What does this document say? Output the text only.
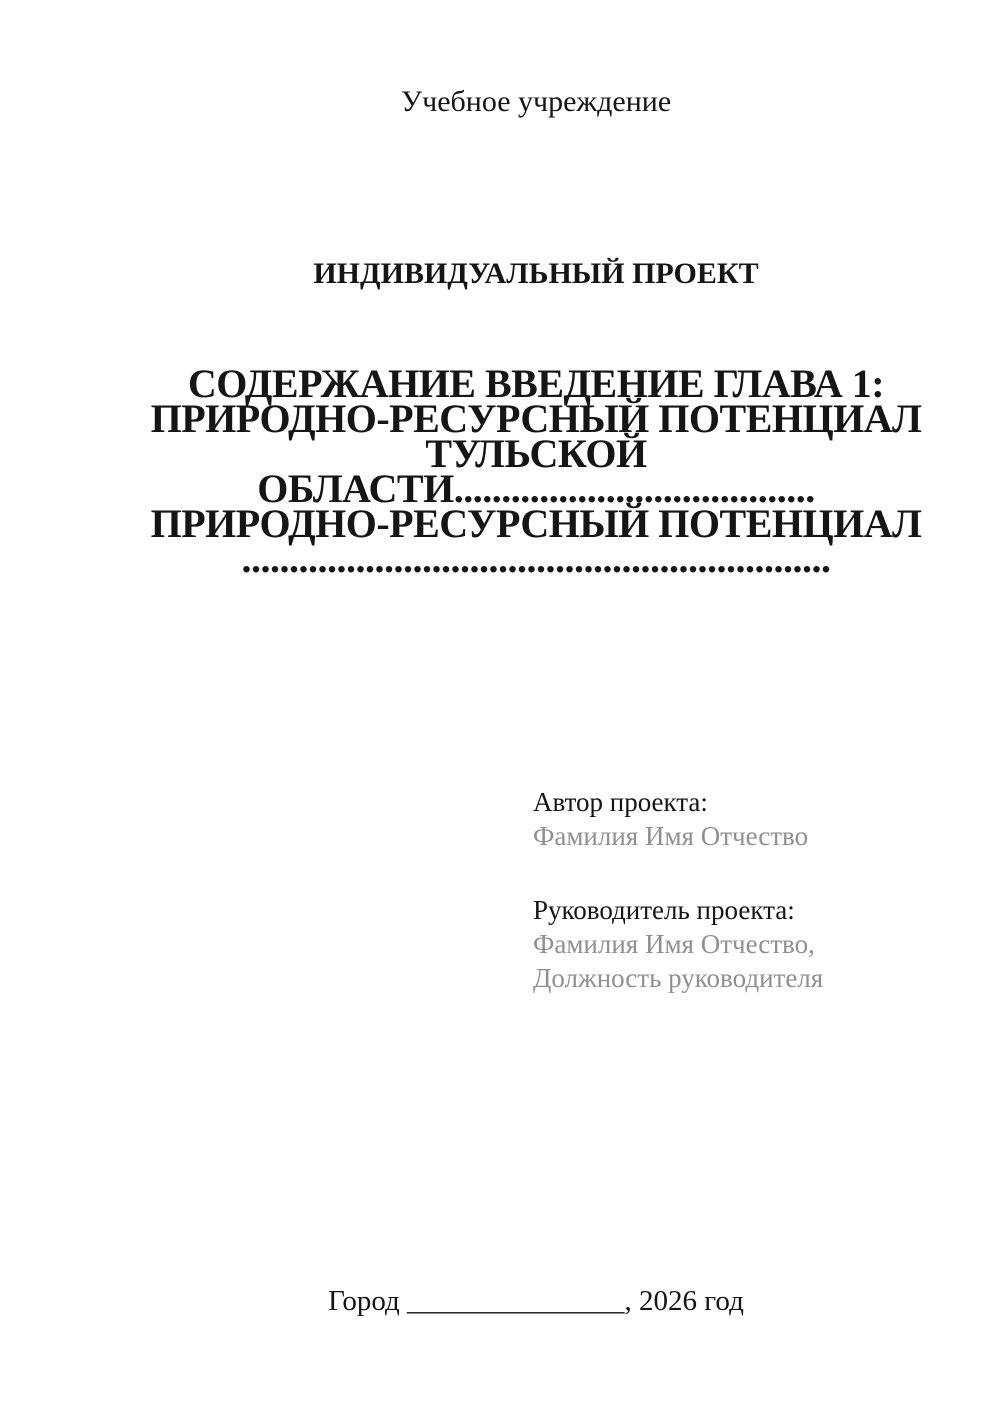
Учебное учреждение
ИНДИВИДУАЛЬНЫЙ ПРОЕКТ
СОДЕРЖАНИЕ ВВЕДЕНИЕ ГЛАВА 1:
ПРИРОДНО-РЕСУРСНЫЙ ПОТЕНЦИАЛ
ТУЛЬСКОЙ
ОБЛАСТИ......................................
ПРИРОДНО-РЕСУРСНЫЙ ПОТЕНЦИАЛ
..............................................................
Город _______________, 2026 год

Автор проекта:
Фамилия Имя Отчество

Руководитель проекта:
Фамилия Имя Отчество,
Должность руководителя
